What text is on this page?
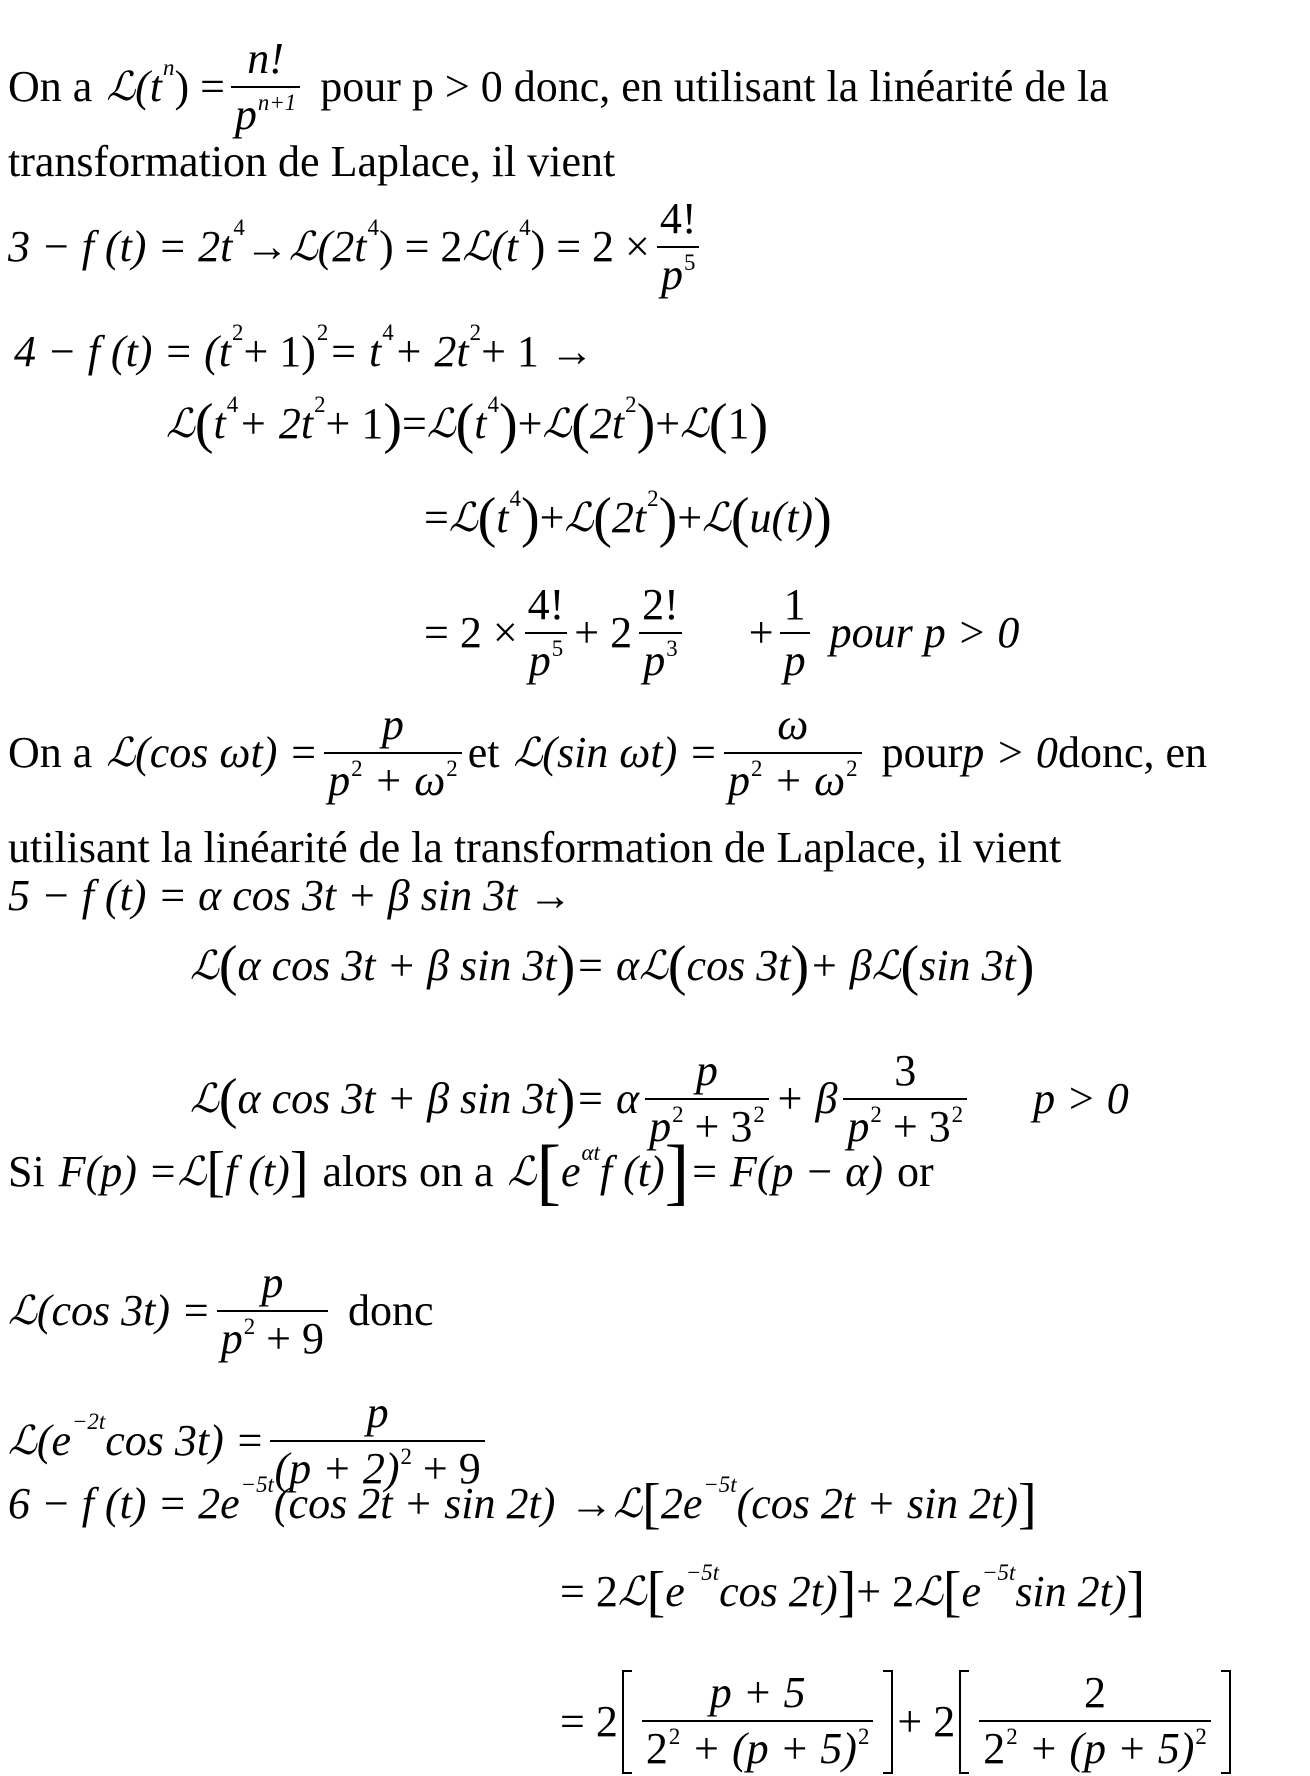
On a ℒ ($t^n$ ) = $\frac{n!}{p^{n+1}}$ pour p > 0 donc, en utilisant la linéarité de la
transformation de Laplace, il vient
3 − f $(t) = 2t^4$ → ℒ ($2t^4$ ) = 2 ℒ ($t^4$ ) = $2 \times \frac{4!}{p^5}$
4 − f $(t) = (t^2 + 1)^2 = t^4 + 2t^2 + 1$ →
ℒ ( $t^4 + 2t^2 + 1$ ) = ℒ ( $t^4$ ) + ℒ ( $2t^2$ ) + ℒ ( 1 )
= ℒ ( $t^4$ ) + ℒ ( $2t^2$ ) + ℒ ( u(t) )
= $2 \times \frac{4!}{p^5} + 2 \frac{2!}{p^3} + \frac{1}{p}$ pour p > 0
On a ℒ (cos $\omega t) = \frac{p}{p^2 + \omega^2}$ et ℒ (sin $\omega t) = \frac{\omega}{p^2 + \omega^2}$ pour p > 0 donc, en
utilisant la linéarité de la transformation de Laplace, il vient
5 − f (t) = α cos 3t + β sin 3t →
ℒ ( α cos 3t + β sin 3t ) = α ℒ ( cos 3t ) + β ℒ ( sin 3t )
ℒ ( α cos 3t + β sin 3t ) = α $\frac{p}{p^2 + 3^2} + \beta \frac{3}{p^2 + 3^2}$ p > 0
Si F(p) = ℒ [ f (t) ] alors on a ℒ [ $e^{\alpha t}$ f (t) ] = F(p − α) or
ℒ (cos $3t) = \frac{p}{p^2 + 9}$ donc
ℒ ($e^{-2t}$ $\cos 3t) = \frac{p}{(p + 2)^2 + 9}$
6 − f $(t) = 2e^{-5t}$ (cos 2t + sin 2t) → ℒ [ $2e^{-5t}$ (cos 2t + sin 2t) ]
= 2 ℒ [ $e^{-5t}$ cos 2t) ] + 2 ℒ [ $e^{-5t}$ sin 2t) ]
= $2 \frac{p + 5}{2^2 + (p + 5)^2} + 2 \frac{2}{2^2 + (p + 5)^2}$
